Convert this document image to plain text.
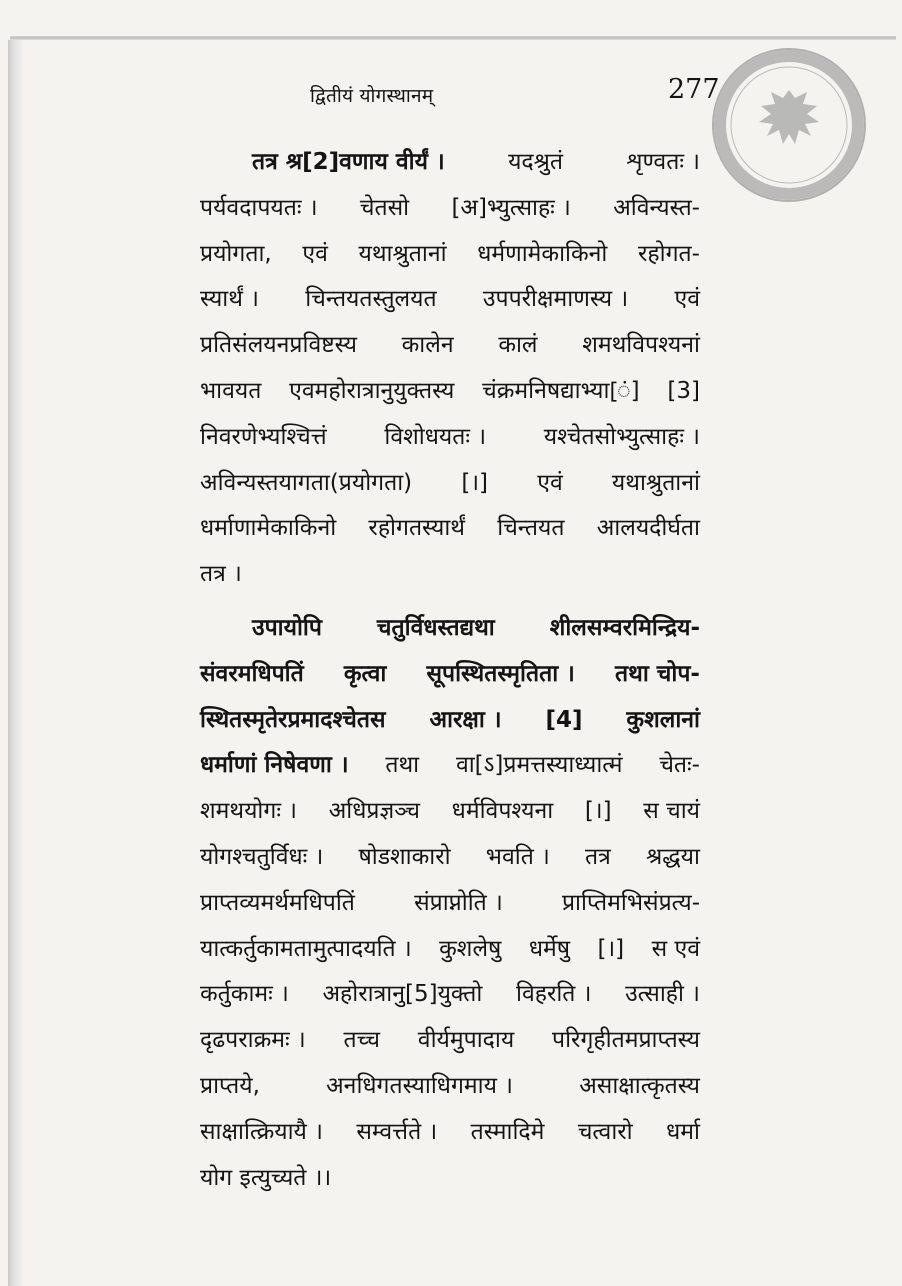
द्वितीयं योगस्थानम्	277
तत्र श्र[2]वणाय वीर्यं ।	यदश्रुतं	शृण्वतः ।
पर्यवदापयतः । चेतसो [अ]भ्युत्साहः । अविन्यस्त-
प्रयोगता, एवं यथाश्रुतानां धर्मणामेकाकिनो रहोगत-
स्यार्थं । चिन्तयतस्तुलयत उपपरीक्षमाणस्य । एवं
प्रतिसंलयनप्रविष्टस्य कालेन कालं शमथविपश्यनां
भावयत एवमहोरात्रानुयुक्तस्य चंक्रमनिषद्याभ्या[ं] [3]
निवरणेभ्यश्चित्तं	विशोधयतः ।	यश्चेतसोभ्युत्साहः ।
अविन्यस्तयागता(प्रयोगता) [।] एवं यथाश्रुतानां
धर्माणामेकाकिनो रहोगतस्यार्थं चिन्तयत आलयदीर्घता
तत्र ।
उपायोपि चतुर्विधस्तद्यथा शीलसम्वरमिन्द्रिय-
संवरमधिपतिं कृत्वा सूपस्थितस्मृतिता । तथा चोप-
स्थितस्मृतेरप्रमादश्चेतस आरक्षा । [4] कुशलानां
धर्माणां निषेवणा । तथा वा[ऽ]प्रमत्तस्याध्यात्मं चेतः-
शमथयोगः । अधिप्रज्ञञ्च धर्मविपश्यना [।] स चायं
योगश्चतुर्विधः । षोडशाकारो भवति । तत्र श्रद्धया
प्राप्तव्यमर्थमधिपतिं	संप्राप्नोति ।	प्राप्तिमभिसंप्रत्य-
यात्कर्तुकामतामुत्पादयति । कुशलेषु धर्मेषु [।] स एवं
कर्तुकामः । अहोरात्रानु[5]युक्तो विहरति । उत्साही ।
दृढपराक्रमः । तच्च वीर्यमुपादाय परिगृहीतमप्राप्तस्य
प्राप्तये,	अनधिगतस्याधिगमाय ।	असाक्षात्कृतस्य
साक्षात्क्रियायै । सम्वर्त्तते । तस्मादिमे चत्वारो धर्मा
योग इत्युच्यते ।।
